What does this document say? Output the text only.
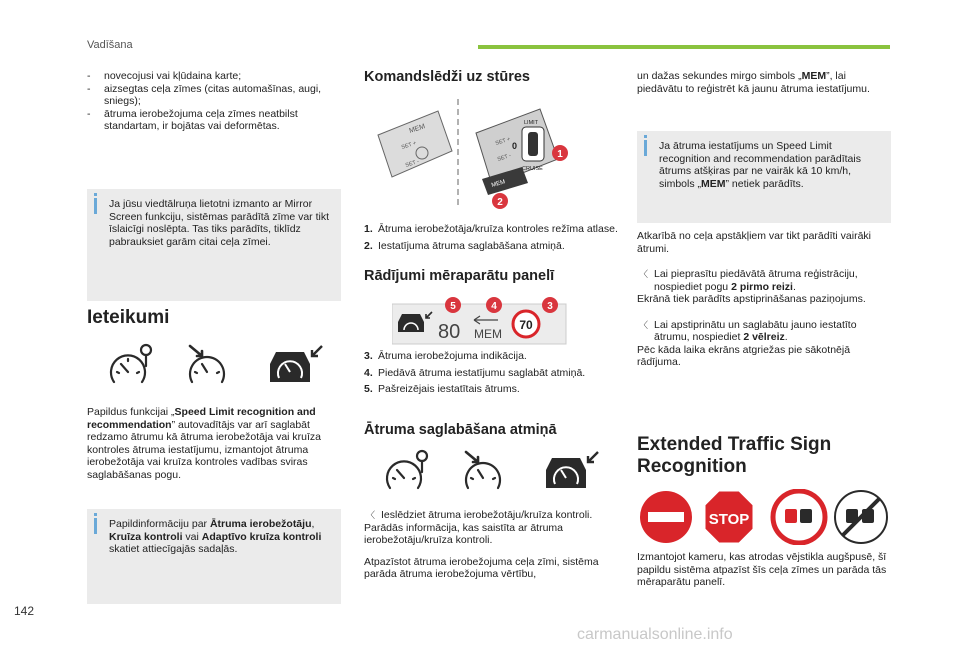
Vadīšana
- novecojusi vai kļūdaina karte;
- aizsegtas ceļa zīmes (citas automašīnas, augi, sniegs);
- ātruma ierobežojuma ceļa zīmes neatbilst standartam, ir bojātas vai deformētas.

Ja jūsu viedtālruņa lietotni izmanto ar Mirror Screen funkciju, sistēmas parādītā zīme var tikt īslaicīgi noslēpta. Tas tiks parādīts, tiklīdz pabrauksiet garām citai ceļa zīmei.

Ieteikumi

Papildus funkcijai „Speed Limit recognition and recommendation” autovadītājs var arī saglabāt redzamo ātrumu kā ātruma ierobežotāja vai kruīza kontroles ātruma iestatījumu, izmantojot ātruma ierobežotāja vai kruīza kontroles vadības sviras saglabāšanas pogu.

Papildinformāciju par Ātruma ierobežotāju, Kruīza kontroli vai Adaptīvo kruīza kontroli skatiet attiecīgajās sadaļās.

Komandslēdži uz stūres
MEM
SET +
SET -
LIMIT
CRUISE
0
SET +
SET -
MEM
1
2

1. Ātruma ierobežotāja/kruīza kontroles režīma atlase.

2. Iestatījuma ātruma saglabāšana atmiņā.

Rādījumi mēraparātu panelī
80 MEM
70
5	4	3

3. Ātruma ierobežojuma indikācija.

4. Piedāvā ātruma iestatījumu saglabāt atmiņā.

5. Pašreizējais iestatītais ātrums.

Ātruma saglabāšana atmiņā

〈 Ieslēdziet ātruma ierobežotāju/kruīza kontroli.

Parādās informācija, kas saistīta ar ātruma ierobežotāju/kruīza kontroli.

Atpazīstot ātruma ierobežojuma ceļa zīmi, sistēma parāda ātruma ierobežojuma vērtību,

un dažas sekundes mirgo simbols „MEM”, lai piedāvātu to reģistrēt kā jaunu ātruma iestatījumu.

Ja ātruma iestatījums un Speed Limit recognition and recommendation parādītais ātrums atšķiras par ne vairāk kā 10 km/h, simbols „MEM” netiek parādīts.

Atkarībā no ceļa apstākļiem var tikt parādīti vairāki ātrumi.

〈 Lai pieprasītu piedāvātā ātruma reģistrāciju, nospiediet pogu 2 pirmo reizi.

Ekrānā tiek parādīts apstiprināšanas paziņojums.

〈 Lai apstiprinātu un saglabātu jauno iestatīto ātrumu, nospiediet 2 vēlreiz.

Pēc kāda laika ekrāns atgriežas pie sākotnējā rādījuma.

Extended Traffic Sign
Recognition
STOP

Izmantojot kameru, kas atrodas vējstikla augšpusē, šī papildu sistēma atpazīst šīs ceļa zīmes un parāda tās mēraparātu panelī.

142
carmanualsonline.info
